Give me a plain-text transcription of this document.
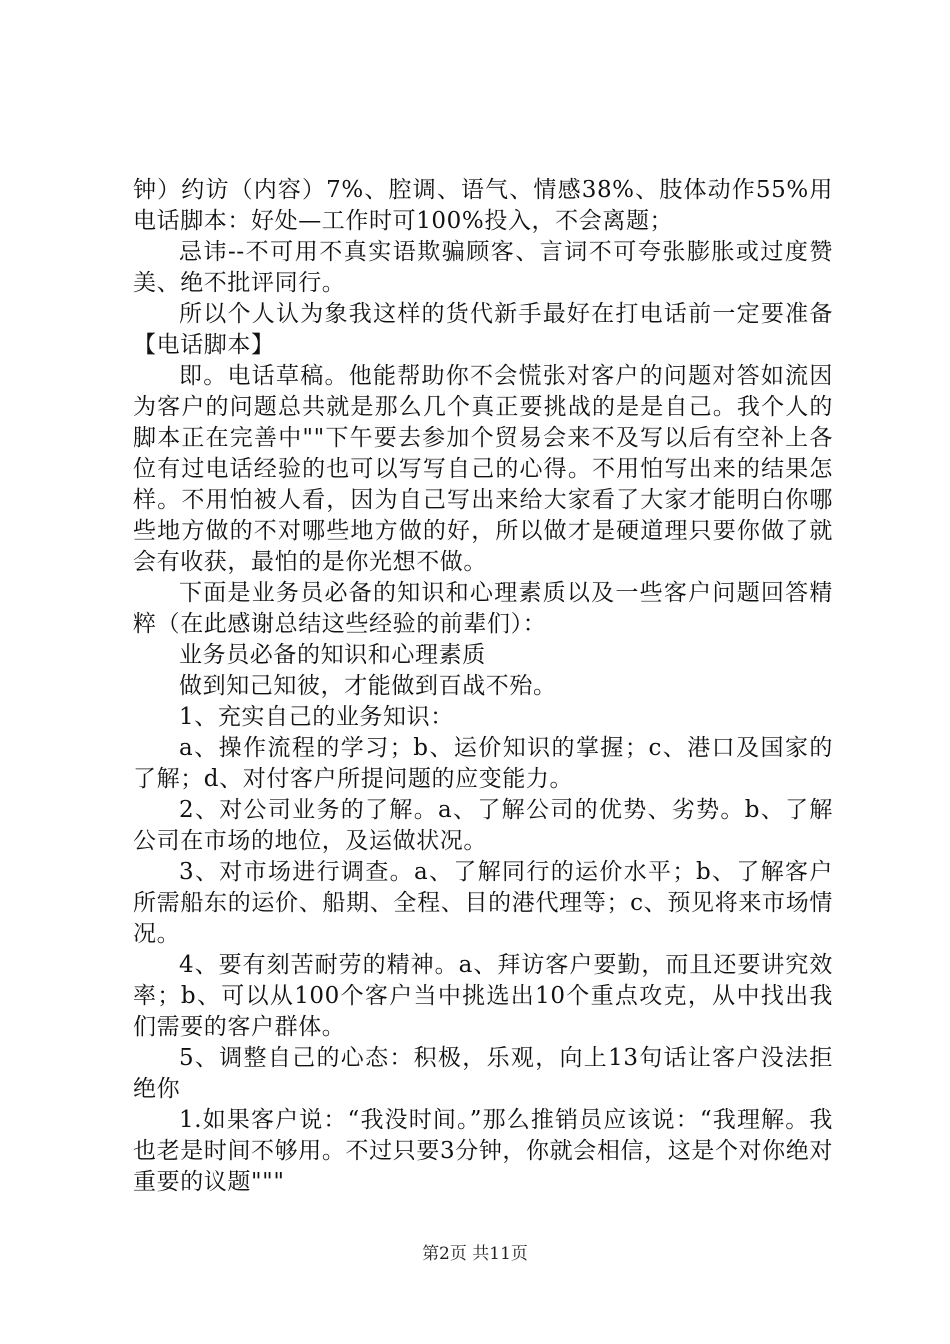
钟）约访（内容）7%、腔调、语气、情感38%、肢体动作55%用电话脚本：好处—工作时可100%投入，不会离题；

忌讳--不可用不真实语欺骗顾客、言词不可夸张膨胀或过度赞美、绝不批评同行。

所以个人认为象我这样的货代新手最好在打电话前一定要准备【电话脚本】

即。电话草稿。他能帮助你不会慌张对客户的问题对答如流因为客户的问题总共就是那么几个真正要挑战的是是自己。我个人的脚本正在完善中""下午要去参加个贸易会来不及写以后有空补上各位有过电话经验的也可以写写自己的心得。不用怕写出来的结果怎样。不用怕被人看，因为自己写出来给大家看了大家才能明白你哪些地方做的不对哪些地方做的好，所以做才是硬道理只要你做了就会有收获，最怕的是你光想不做。

下面是业务员必备的知识和心理素质以及一些客户问题回答精粹（在此感谢总结这些经验的前辈们）：

业务员必备的知识和心理素质

做到知己知彼，才能做到百战不殆。

1、充实自己的业务知识：

a、操作流程的学习；b、运价知识的掌握；c、港口及国家的了解；d、对付客户所提问题的应变能力。

2、对公司业务的了解。a、了解公司的优势、劣势。b、了解公司在市场的地位，及运做状况。

3、对市场进行调查。a、了解同行的运价水平；b、了解客户所需船东的运价、船期、全程、目的港代理等；c、预见将来市场情况。

4、要有刻苦耐劳的精神。a、拜访客户要勤，而且还要讲究效率；b、可以从100个客户当中挑选出10个重点攻克，从中找出我们需要的客户群体。

5、调整自己的心态：积极，乐观，向上13句话让客户没法拒绝你

1.如果客户说：“我没时间。”那么推销员应该说：“我理解。我也老是时间不够用。不过只要3分钟，你就会相信，这是个对你绝对重要的议题"""

第2页 共11页
